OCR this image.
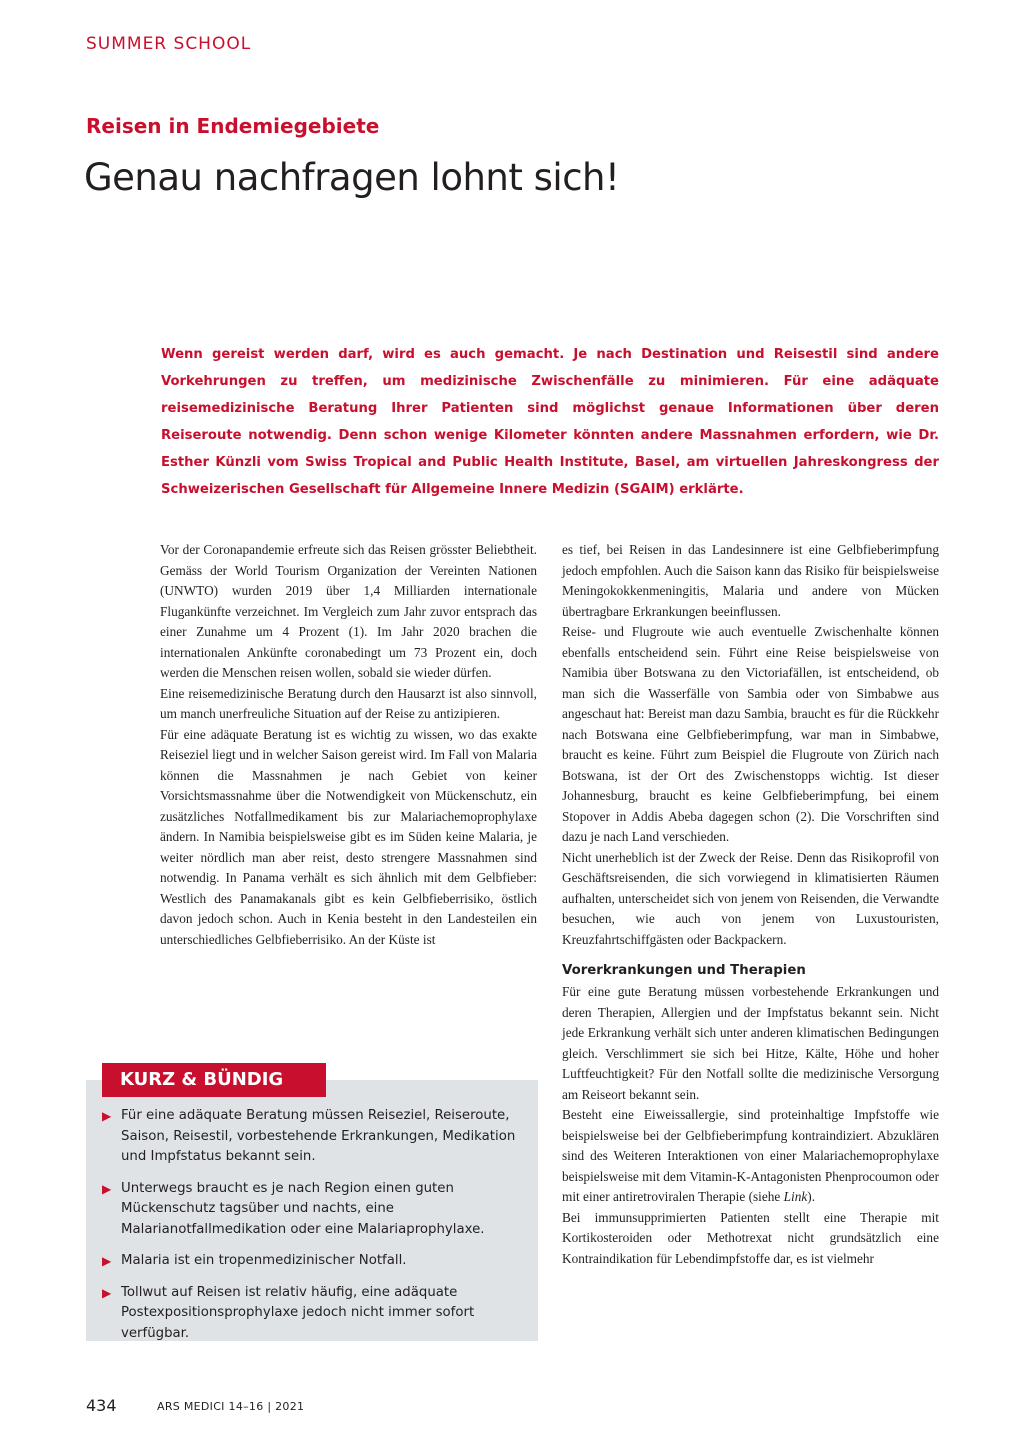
SUMMER SCHOOL
Reisen in Endemiegebiete
Genau nachfragen lohnt sich!

Wenn gereist werden darf, wird es auch gemacht. Je nach Destination und Reisestil sind andere Vorkehrungen zu treffen, um medizinische Zwischenfälle zu minimieren. Für eine adäquate reisemedizinische Beratung Ihrer Patienten sind möglichst genaue Informationen über deren Reiseroute notwendig. Denn schon wenige Kilometer könnten andere Massnahmen erfordern, wie Dr. Esther Künzli vom Swiss Tropical and Public Health Institute, Basel, am virtuellen Jahreskongress der Schweizerischen Gesellschaft für Allgemeine Innere Medizin (SGAIM) erklärte.

Vor der Coronapandemie erfreute sich das Reisen grösster Beliebtheit. Gemäss der World Tourism Organization der Vereinten Nationen (UNWTO) wurden 2019 über 1,4 Milliarden internationale Flugankünfte verzeichnet. Im Vergleich zum Jahr zuvor entsprach das einer Zunahme um 4 Prozent (1). Im Jahr 2020 brachen die internationalen Ankünfte coronabedingt um 73 Prozent ein, doch werden die Menschen reisen wollen, sobald sie wieder dürfen.

Eine reisemedizinische Beratung durch den Hausarzt ist also sinnvoll, um manch unerfreuliche Situation auf der Reise zu antizipieren.

Für eine adäquate Beratung ist es wichtig zu wissen, wo das exakte Reiseziel liegt und in welcher Saison gereist wird. Im Fall von Malaria können die Massnahmen je nach Gebiet von keiner Vorsichtsmassnahme über die Notwendigkeit von Mückenschutz, ein zusätzliches Notfallmedikament bis zur Malariachemoprophylaxe ändern. In Namibia beispielsweise gibt es im Süden keine Malaria, je weiter nördlich man aber reist, desto strengere Massnahmen sind notwendig. In Panama verhält es sich ähnlich mit dem Gelbfieber: Westlich des Panamakanals gibt es kein Gelbfieberrisiko, östlich davon jedoch schon. Auch in Kenia besteht in den Landesteilen ein unterschiedliches Gelbfieberrisiko. An der Küste ist

es tief, bei Reisen in das Landesinnere ist eine Gelbfieberimpfung jedoch empfohlen. Auch die Saison kann das Risiko für beispielsweise Meningokokkenmeningitis, Malaria und andere von Mücken übertragbare Erkrankungen beeinflussen.

Reise- und Flugroute wie auch eventuelle Zwischenhalte können ebenfalls entscheidend sein. Führt eine Reise beispielsweise von Namibia über Botswana zu den Victoriafällen, ist entscheidend, ob man sich die Wasserfälle von Sambia oder von Simbabwe aus angeschaut hat: Bereist man dazu Sambia, braucht es für die Rückkehr nach Botswana eine Gelbfieberimpfung, war man in Simbabwe, braucht es keine. Führt zum Beispiel die Flugroute von Zürich nach Botswana, ist der Ort des Zwischenstopps wichtig. Ist dieser Johannesburg, braucht es keine Gelbfieberimpfung, bei einem Stopover in Addis Abeba dagegen schon (2). Die Vorschriften sind dazu je nach Land verschieden.

Nicht unerheblich ist der Zweck der Reise. Denn das Risikoprofil von Geschäftsreisenden, die sich vorwiegend in klimatisierten Räumen aufhalten, unterscheidet sich von jenem von Reisenden, die Verwandte besuchen, wie auch von jenem von Luxustouristen, Kreuzfahrtschiffgästen oder Backpackern.

Vorerkrankungen und Therapien

Für eine gute Beratung müssen vorbestehende Erkrankungen und deren Therapien, Allergien und der Impfstatus bekannt sein. Nicht jede Erkrankung verhält sich unter anderen klimatischen Bedingungen gleich. Verschlimmert sie sich bei Hitze, Kälte, Höhe und hoher Luftfeuchtigkeit? Für den Notfall sollte die medizinische Versorgung am Reiseort bekannt sein.

Besteht eine Eiweissallergie, sind proteinhaltige Impfstoffe wie beispielsweise bei der Gelbfieberimpfung kontraindiziert. Abzuklären sind des Weiteren Interaktionen von einer Malariachemoprophylaxe beispielsweise mit dem Vitamin-K-Antagonisten Phenprocoumon oder mit einer antiretroviralen Therapie (siehe Link).

Bei immunsupprimierten Patienten stellt eine Therapie mit Kortikosteroiden oder Methotrexat nicht grundsätzlich eine Kontraindikation für Lebendimpfstoffe dar, es ist vielmehr

KURZ & BÜNDIG
▶ Für eine adäquate Beratung müssen Reiseziel, Reiseroute, Saison, Reisestil, vorbestehende Erkrankungen, Medikation und Impfstatus bekannt sein.
▶ Unterwegs braucht es je nach Region einen guten Mückenschutz tagsüber und nachts, eine Malarianotfallmedikation oder eine Malariaprophylaxe.
▶ Malaria ist ein tropenmedizinischer Notfall.
▶ Tollwut auf Reisen ist relativ häufig, eine adäquate Postexpositionsprophylaxe jedoch nicht immer sofort verfügbar.
434	ARS MEDICI 14–16 | 2021
